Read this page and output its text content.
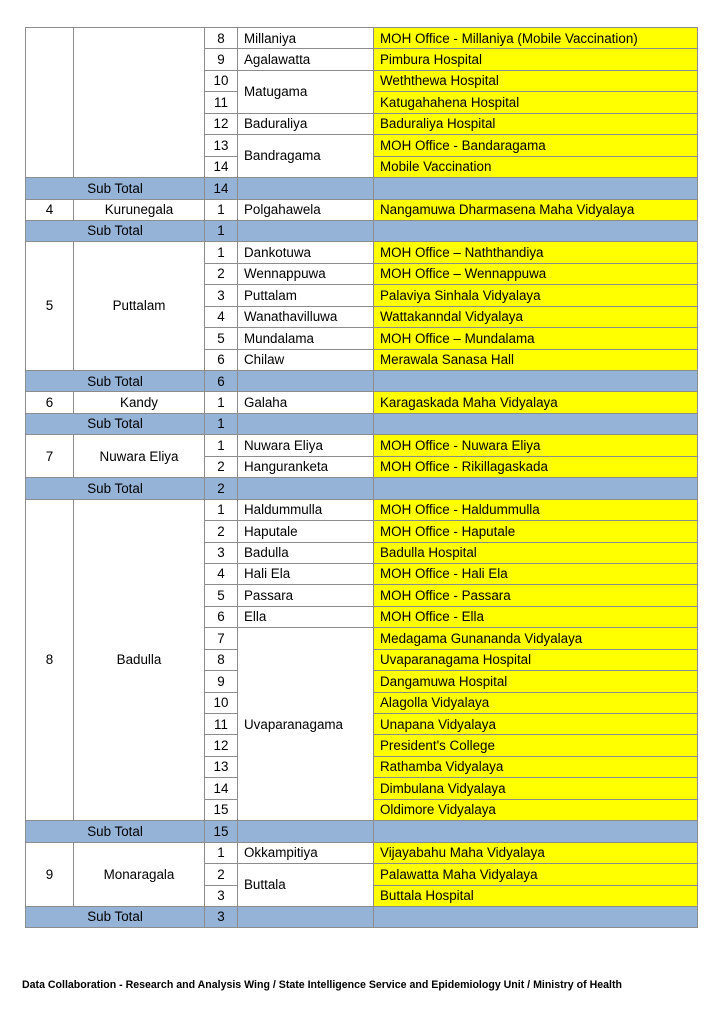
		8	Millaniya	MOH Office - Millaniya (Mobile Vaccination)
		9	Agalawatta	Pimbura Hospital
		10	Matugama	Weththewa Hospital
		11		Katugahahena Hospital
		12	Baduraliya	Baduraliya Hospital
		13	Bandragama	MOH Office - Bandaragama
		14		Mobile Vaccination
Sub Total		14		
4	Kurunegala	1	Polgahawela	Nangamuwa Dharmasena Maha Vidyalaya
Sub Total		1		
5	Puttalam	1	Dankotuwa	MOH Office – Naththandiya
		2	Wennappuwa	MOH Office – Wennappuwa
		3	Puttalam	Palaviya Sinhala Vidyalaya
		4	Wanathavilluwa	Wattakanndal Vidyalaya
		5	Mundalama	MOH Office – Mundalama
		6	Chilaw	Merawala Sanasa Hall
Sub Total		6		
6	Kandy	1	Galaha	Karagaskada Maha Vidyalaya
Sub Total		1		
7	Nuwara Eliya	1	Nuwara Eliya	MOH Office - Nuwara Eliya
		2	Hanguranketa	MOH Office - Rikillagaskada
Sub Total		2		
8	Badulla	1	Haldummulla	MOH Office - Haldummulla
		2	Haputale	MOH Office - Haputale
		3	Badulla	Badulla Hospital
		4	Hali Ela	MOH Office - Hali Ela
		5	Passara	MOH Office - Passara
		6	Ella	MOH Office - Ella
		7	Uvaparanagama	Medagama Gunananda Vidyalaya
		8		Uvaparanagama Hospital
		9		Dangamuwa Hospital
		10		Alagolla Vidyalaya
		11		Unapana Vidyalaya
		12		President's College
		13		Rathamba Vidyalaya
		14		Dimbulana Vidyalaya
		15		Oldimore Vidyalaya
Sub Total		15		
9	Monaragala	1	Okkampitiya	Vijayabahu Maha Vidyalaya
		2	Buttala	Palawatta Maha Vidyalaya
		3		Buttala Hospital
Sub Total		3		
Data Collaboration - Research and Analysis Wing / State Intelligence Service and Epidemiology Unit / Ministry of Health
